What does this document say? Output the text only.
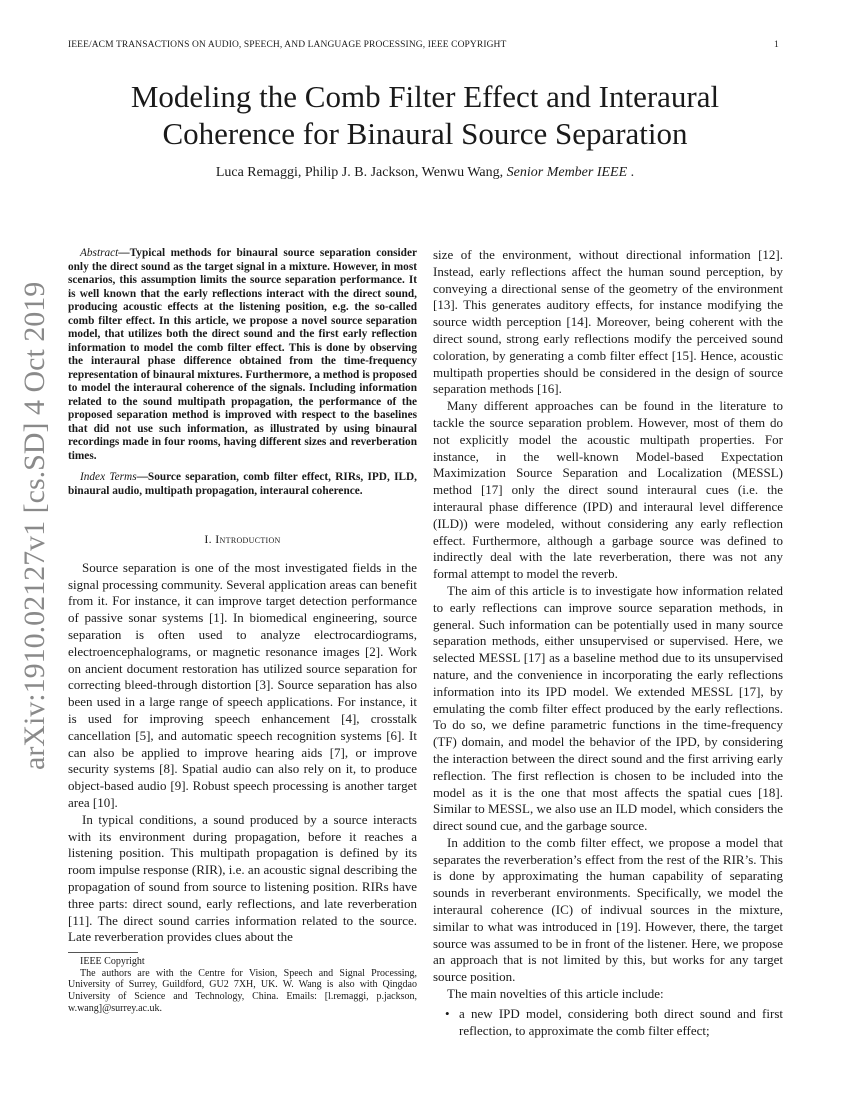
IEEE/ACM TRANSACTIONS ON AUDIO, SPEECH, AND LANGUAGE PROCESSING, IEEE COPYRIGHT	1
Modeling the Comb Filter Effect and Interaural
Coherence for Binaural Source Separation
Luca Remaggi, Philip J. B. Jackson, Wenwu Wang, Senior Member IEEE .
arXiv:1910.02127v1 [cs.SD] 4 Oct 2019
Abstract—Typical methods for binaural source separation consider only the direct sound as the target signal in a mixture. However, in most scenarios, this assumption limits the source separation performance. It is well known that the early reflections interact with the direct sound, producing acoustic effects at the listening position, e.g. the so-called comb filter effect. In this article, we propose a novel source separation model, that utilizes both the direct sound and the first early reflection information to model the comb filter effect. This is done by observing the interaural phase difference obtained from the time-frequency representation of binaural mixtures. Furthermore, a method is proposed to model the interaural coherence of the signals. Including information related to the sound multipath propagation, the performance of the proposed separation method is improved with respect to the baselines that did not use such information, as illustrated by using binaural recordings made in four rooms, having different sizes and reverberation times.
Index Terms—Source separation, comb filter effect, RIRs, IPD, ILD, binaural audio, multipath propagation, interaural coherence.
I. Introduction

Source separation is one of the most investigated fields in the signal processing community. Several application areas can benefit from it. For instance, it can improve target detection performance of passive sonar systems [1]. In biomedical engineering, source separation is often used to analyze electrocardiograms, electroencephalograms, or magnetic resonance images [2]. Work on ancient document restoration has utilized source separation for correcting bleed-through distortion [3]. Source separation has also been used in a large range of speech applications. For instance, it is used for improving speech enhancement [4], crosstalk cancellation [5], and automatic speech recognition systems [6]. It can also be applied to improve hearing aids [7], or improve security systems [8]. Spatial audio can also rely on it, to produce object-based audio [9]. Robust speech processing is another target area [10].

In typical conditions, a sound produced by a source interacts with its environment during propagation, before it reaches a listening position. This multipath propagation is defined by its room impulse response (RIR), i.e. an acoustic signal describing the propagation of sound from source to listening position. RIRs have three parts: direct sound, early reflections, and late reverberation [11]. The direct sound carries information related to the source. Late reverberation provides clues about the

IEEE Copyright

The authors are with the Centre for Vision, Speech and Signal Processing, University of Surrey, Guildford, GU2 7XH, UK. W. Wang is also with Qingdao University of Science and Technology, China. Emails: [l.remaggi, p.jackson, w.wang]@surrey.ac.uk.

size of the environment, without directional information [12]. Instead, early reflections affect the human sound perception, by conveying a directional sense of the geometry of the environment [13]. This generates auditory effects, for instance modifying the source width perception [14]. Moreover, being coherent with the direct sound, strong early reflections modify the perceived sound coloration, by generating a comb filter effect [15]. Hence, acoustic multipath properties should be considered in the design of source separation methods [16].

Many different approaches can be found in the literature to tackle the source separation problem. However, most of them do not explicitly model the acoustic multipath properties. For instance, in the well-known Model-based Expectation Maximization Source Separation and Localization (MESSL) method [17] only the direct sound interaural cues (i.e. the interaural phase difference (IPD) and interaural level difference (ILD)) were modeled, without considering any early reflection effect. Furthermore, although a garbage source was defined to indirectly deal with the late reverberation, there was not any formal attempt to model the reverb.

The aim of this article is to investigate how information related to early reflections can improve source separation methods, in general. Such information can be potentially used in many source separation methods, either unsupervised or supervised. Here, we selected MESSL [17] as a baseline method due to its unsupervised nature, and the convenience in incorporating the early reflections information into its IPD model. We extended MESSL [17], by emulating the comb filter effect produced by the early reflections. To do so, we define parametric functions in the time-frequency (TF) domain, and model the behavior of the IPD, by considering the interaction between the direct sound and the first arriving early reflection. The first reflection is chosen to be included into the model as it is the one that most affects the spatial cues [18]. Similar to MESSL, we also use an ILD model, which considers the direct sound cue, and the garbage source.

In addition to the comb filter effect, we propose a model that separates the reverberation’s effect from the rest of the RIR’s. This is done by approximating the human capability of separating sounds in reverberant environments. Specifically, we model the interaural coherence (IC) of indivual sources in the mixture, similar to what was introduced in [19]. However, there, the target source was assumed to be in front of the listener. Here, we propose an approach that is not limited by this, but works for any target source position.

The main novelties of this article include:

• a new IPD model, considering both direct sound and first reflection, to approximate the comb filter effect;
